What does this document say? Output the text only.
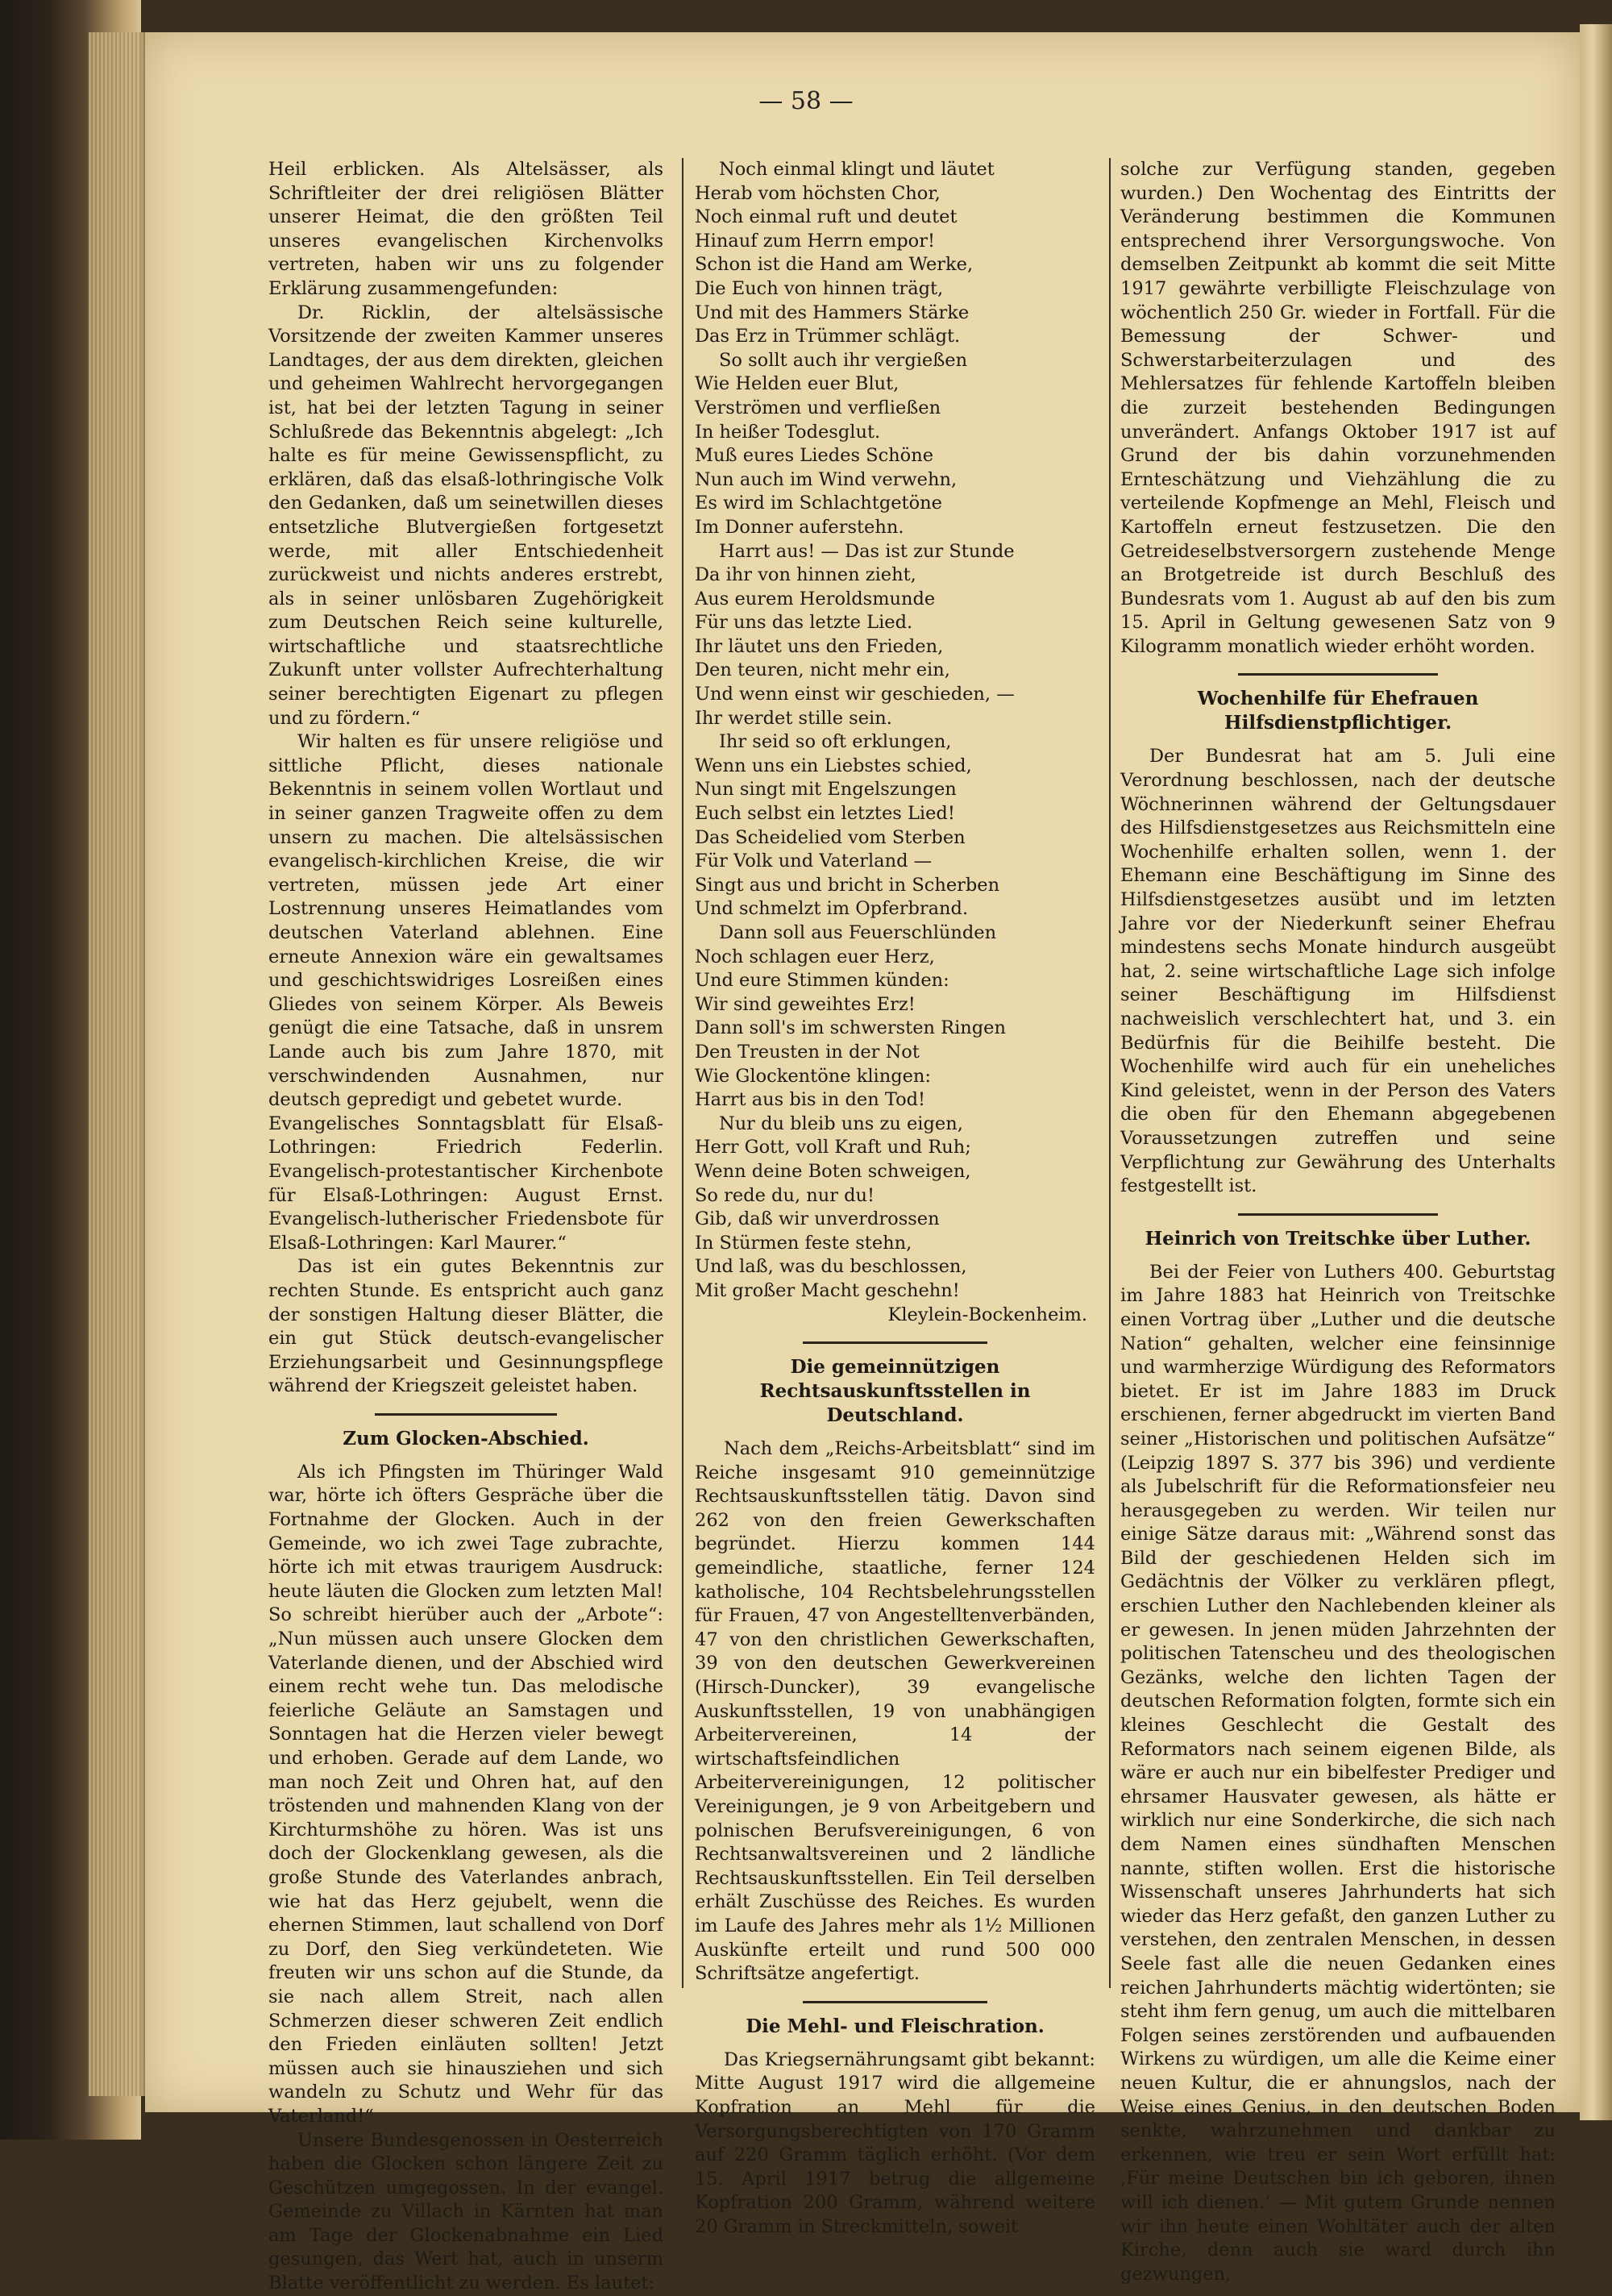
— 58 —

Heil erblicken. Als Altelsässer, als Schriftleiter der drei religiösen Blätter unserer Heimat, die den größten Teil unseres evangelischen Kirchenvolks vertreten, haben wir uns zu folgender Erklärung zusammengefunden:

Dr. Ricklin, der altelsässische Vorsitzende der zweiten Kammer unseres Landtages, der aus dem direkten, gleichen und geheimen Wahlrecht hervorgegangen ist, hat bei der letzten Tagung in seiner Schlußrede das Bekenntnis abgelegt: „Ich halte es für meine Gewissenspflicht, zu erklären, daß das elsaß-lothringische Volk den Gedanken, daß um seinetwillen dieses entsetzliche Blutvergießen fortgesetzt werde, mit aller Entschiedenheit zurückweist und nichts anderes erstrebt, als in seiner unlösbaren Zugehörigkeit zum Deutschen Reich seine kulturelle, wirtschaftliche und staatsrechtliche Zukunft unter vollster Aufrechterhaltung seiner berechtigten Eigenart zu pflegen und zu fördern.“

Wir halten es für unsere religiöse und sittliche Pflicht, dieses nationale Bekenntnis in seinem vollen Wortlaut und in seiner ganzen Tragweite offen zu dem unsern zu machen. Die altelsässischen evangelisch-kirchlichen Kreise, die wir vertreten, müssen jede Art einer Lostrennung unseres Heimatlandes vom deutschen Vaterland ablehnen. Eine erneute Annexion wäre ein gewaltsames und geschichtswidriges Losreißen eines Gliedes von seinem Körper. Als Beweis genügt die eine Tatsache, daß in unsrem Lande auch bis zum Jahre 1870, mit verschwindenden Ausnahmen, nur deutsch gepredigt und gebetet wurde.

Evangelisches Sonntagsblatt für Elsaß-Lothringen: Friedrich Federlin. Evangelisch-protestantischer Kirchenbote für Elsaß-Lothringen: August Ernst. Evangelisch-lutherischer Friedensbote für Elsaß-Lothringen: Karl Maurer.“

Das ist ein gutes Bekenntnis zur rechten Stunde. Es entspricht auch ganz der sonstigen Haltung dieser Blätter, die ein gut Stück deutsch-evangelischer Erziehungsarbeit und Gesinnungspflege während der Kriegszeit geleistet haben.

Zum Glocken-Abschied.

Als ich Pfingsten im Thüringer Wald war, hörte ich öfters Gespräche über die Fortnahme der Glocken. Auch in der Gemeinde, wo ich zwei Tage zubrachte, hörte ich mit etwas traurigem Ausdruck: heute läuten die Glocken zum letzten Mal! So schreibt hierüber auch der „Arbote“: „Nun müssen auch unsere Glocken dem Vaterlande dienen, und der Abschied wird einem recht wehe tun. Das melodische feierliche Geläute an Samstagen und Sonntagen hat die Herzen vieler bewegt und erhoben. Gerade auf dem Lande, wo man noch Zeit und Ohren hat, auf den tröstenden und mahnenden Klang von der Kirchturmshöhe zu hören. Was ist uns doch der Glockenklang gewesen, als die große Stunde des Vaterlandes anbrach, wie hat das Herz gejubelt, wenn die ehernen Stimmen, laut schallend von Dorf zu Dorf, den Sieg verkündeteten. Wie freuten wir uns schon auf die Stunde, da sie nach allem Streit, nach allen Schmerzen dieser schweren Zeit endlich den Frieden einläuten sollten! Jetzt müssen auch sie hinausziehen und sich wandeln zu Schutz und Wehr für das Vaterland!“

Unsere Bundesgenossen in Oesterreich haben die Glocken schon längere Zeit zu Geschützen umgegossen. In der evangel. Gemeinde zu Villach in Kärnten hat man am Tage der Glockenabnahme ein Lied gesungen, das Wert hat, auch in unserm Blatte veröffentlicht zu werden. Es lautet:

Noch einmal klingt und läutet
Herab vom höchsten Chor,
Noch einmal ruft und deutet
Hinauf zum Herrn empor!
Schon ist die Hand am Werke,
Die Euch von hinnen trägt,
Und mit des Hammers Stärke
Das Erz in Trümmer schlägt.
So sollt auch ihr vergießen
Wie Helden euer Blut,
Verströmen und verfließen
In heißer Todesglut.
Muß eures Liedes Schöne
Nun auch im Wind verwehn,
Es wird im Schlachtgetöne
Im Donner auferstehn.
Harrt aus! — Das ist zur Stunde
Da ihr von hinnen zieht,
Aus eurem Heroldsmunde
Für uns das letzte Lied.
Ihr läutet uns den Frieden,
Den teuren, nicht mehr ein,
Und wenn einst wir geschieden, —
Ihr werdet stille sein.
Ihr seid so oft erklungen,
Wenn uns ein Liebstes schied,
Nun singt mit Engelszungen
Euch selbst ein letztes Lied!
Das Scheidelied vom Sterben
Für Volk und Vaterland —
Singt aus und bricht in Scherben
Und schmelzt im Opferbrand.
Dann soll aus Feuerschlünden
Noch schlagen euer Herz,
Und eure Stimmen künden:
Wir sind geweihtes Erz!
Dann soll's im schwersten Ringen
Den Treusten in der Not
Wie Glockentöne klingen:
Harrt aus bis in den Tod!
Nur du bleib uns zu eigen,
Herr Gott, voll Kraft und Ruh;
Wenn deine Boten schweigen,
So rede du, nur du!
Gib, daß wir unverdrossen
In Stürmen feste stehn,
Und laß, was du beschlossen,
Mit großer Macht geschehn!
Kleylein-Bockenheim.
Die gemeinnützigen Rechtsauskunftsstellen in Deutschland.

Nach dem „Reichs-Arbeitsblatt“ sind im Reiche insgesamt 910 gemeinnützige Rechtsauskunftsstellen tätig. Davon sind 262 von den freien Gewerkschaften begründet. Hierzu kommen 144 gemeindliche, staatliche, ferner 124 katholische, 104 Rechtsbelehrungsstellen für Frauen, 47 von Angestelltenverbänden, 47 von den christlichen Gewerkschaften, 39 von den deutschen Gewerkvereinen (Hirsch-Duncker), 39 evangelische Auskunftsstellen, 19 von unabhängigen Arbeitervereinen, 14 der wirtschaftsfeindlichen Arbeitervereinigungen, 12 politischer Vereinigungen, je 9 von Arbeitgebern und polnischen Berufsvereinigungen, 6 von Rechtsanwaltsvereinen und 2 ländliche Rechtsauskunftsstellen. Ein Teil derselben erhält Zuschüsse des Reiches. Es wurden im Laufe des Jahres mehr als 1½ Millionen Auskünfte erteilt und rund 500 000 Schriftsätze angefertigt.

Die Mehl- und Fleischration.

Das Kriegsernährungsamt gibt bekannt: Mitte August 1917 wird die allgemeine Kopfration an Mehl für die Versorgungsberechtigten von 170 Gramm auf 220 Gramm täglich erhöht. (Vor dem 15. April 1917 betrug die allgemeine Kopfration 200 Gramm, während weitere 20 Gramm in Streckmitteln, soweit

solche zur Verfügung standen, gegeben wurden.) Den Wochentag des Eintritts der Veränderung bestimmen die Kommunen entsprechend ihrer Versorgungswoche. Von demselben Zeitpunkt ab kommt die seit Mitte 1917 gewährte verbilligte Fleischzulage von wöchentlich 250 Gr. wieder in Fortfall. Für die Bemessung der Schwer- und Schwerstarbeiterzulagen und des Mehlersatzes für fehlende Kartoffeln bleiben die zurzeit bestehenden Bedingungen unverändert. Anfangs Oktober 1917 ist auf Grund der bis dahin vorzunehmenden Ernteschätzung und Viehzählung die zu verteilende Kopfmenge an Mehl, Fleisch und Kartoffeln erneut festzusetzen. Die den Getreideselbstversorgern zustehende Menge an Brotgetreide ist durch Beschluß des Bundesrats vom 1. August ab auf den bis zum 15. April in Geltung gewesenen Satz von 9 Kilogramm monatlich wieder erhöht worden.

Wochenhilfe für Ehefrauen Hilfsdienstpflichtiger.

Der Bundesrat hat am 5. Juli eine Verordnung beschlossen, nach der deutsche Wöchnerinnen während der Geltungsdauer des Hilfsdienstgesetzes aus Reichsmitteln eine Wochenhilfe erhalten sollen, wenn 1. der Ehemann eine Beschäftigung im Sinne des Hilfsdienstgesetzes ausübt und im letzten Jahre vor der Niederkunft seiner Ehefrau mindestens sechs Monate hindurch ausgeübt hat, 2. seine wirtschaftliche Lage sich infolge seiner Beschäftigung im Hilfsdienst nachweislich verschlechtert hat, und 3. ein Bedürfnis für die Beihilfe besteht. Die Wochenhilfe wird auch für ein uneheliches Kind geleistet, wenn in der Person des Vaters die oben für den Ehemann abgegebenen Voraussetzungen zutreffen und seine Verpflichtung zur Gewährung des Unterhalts festgestellt ist.

Heinrich von Treitschke über Luther.

Bei der Feier von Luthers 400. Geburtstag im Jahre 1883 hat Heinrich von Treitschke einen Vortrag über „Luther und die deutsche Nation“ gehalten, welcher eine feinsinnige und warmherzige Würdigung des Reformators bietet. Er ist im Jahre 1883 im Druck erschienen, ferner abgedruckt im vierten Band seiner „Historischen und politischen Aufsätze“ (Leipzig 1897 S. 377 bis 396) und verdiente als Jubelschrift für die Reformationsfeier neu herausgegeben zu werden. Wir teilen nur einige Sätze daraus mit: „Während sonst das Bild der geschiedenen Helden sich im Gedächtnis der Völker zu verklären pflegt, erschien Luther den Nachlebenden kleiner als er gewesen. In jenen müden Jahrzehnten der politischen Tatenscheu und des theologischen Gezänks, welche den lichten Tagen der deutschen Reformation folgten, formte sich ein kleines Geschlecht die Gestalt des Reformators nach seinem eigenen Bilde, als wäre er auch nur ein bibelfester Prediger und ehrsamer Hausvater gewesen, als hätte er wirklich nur eine Sonderkirche, die sich nach dem Namen eines sündhaften Menschen nannte, stiften wollen. Erst die historische Wissenschaft unseres Jahrhunderts hat sich wieder das Herz gefaßt, den ganzen Luther zu verstehen, den zentralen Menschen, in dessen Seele fast alle die neuen Gedanken eines reichen Jahrhunderts mächtig widertönten; sie steht ihm fern genug, um auch die mittelbaren Folgen seines zerstörenden und aufbauenden Wirkens zu würdigen, um alle die Keime einer neuen Kultur, die er ahnungslos, nach der Weise eines Genius, in den deutschen Boden senkte, wahrzunehmen und dankbar zu erkennen, wie treu er sein Wort erfüllt hat: ‚Für meine Deutschen bin ich geboren, ihnen will ich dienen.‘ — Mit gutem Grunde nennen wir ihn heute einen Wohltäter auch der alten Kirche, denn auch sie ward durch ihn gezwungen,
